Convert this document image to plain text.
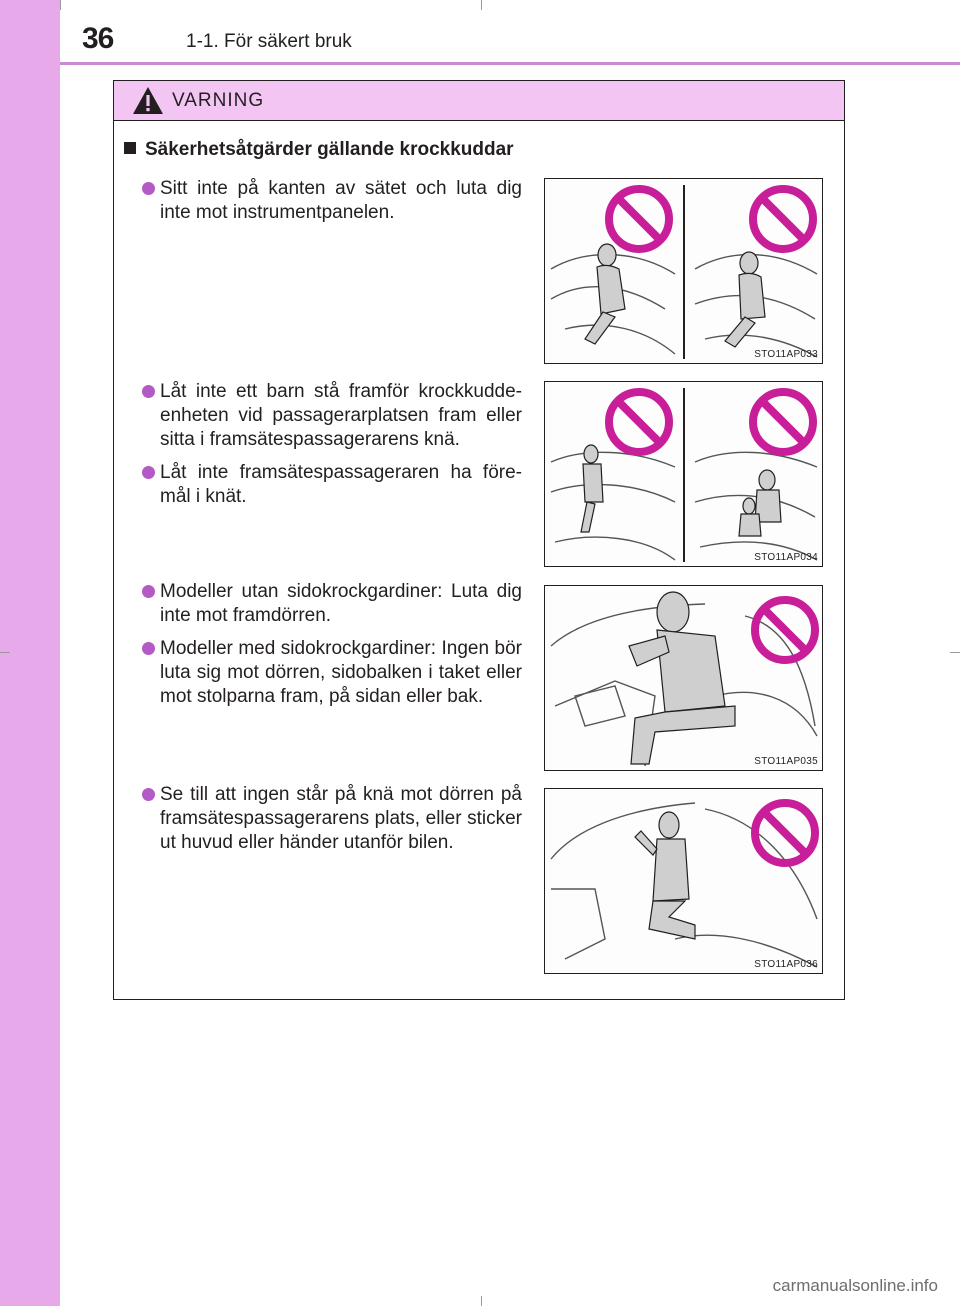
36	1-1. För säkert bruk
VARNING
Säkerhetsåtgärder gällande krockkuddar
Sitt inte på kanten av sätet och luta dig inte mot instrumentpanelen.
STO11AP033
Låt inte ett barn stå framför krockkudde-enheten vid passagerarplatsen fram eller sitta i framsätespassagerarens knä.
Låt inte framsätespassageraren ha före-mål i knät.
STO11AP034
Modeller utan sidokrockgardiner: Luta dig inte mot framdörren.
Modeller med sidokrockgardiner: Ingen bör luta sig mot dörren, sidobalken i taket eller mot stolparna fram, på sidan eller bak.
STO11AP035
Se till att ingen står på knä mot dörren på framsätespassagerarens plats, eller sticker ut huvud eller händer utanför bilen.
STO11AP036
carmanualsonline.info
